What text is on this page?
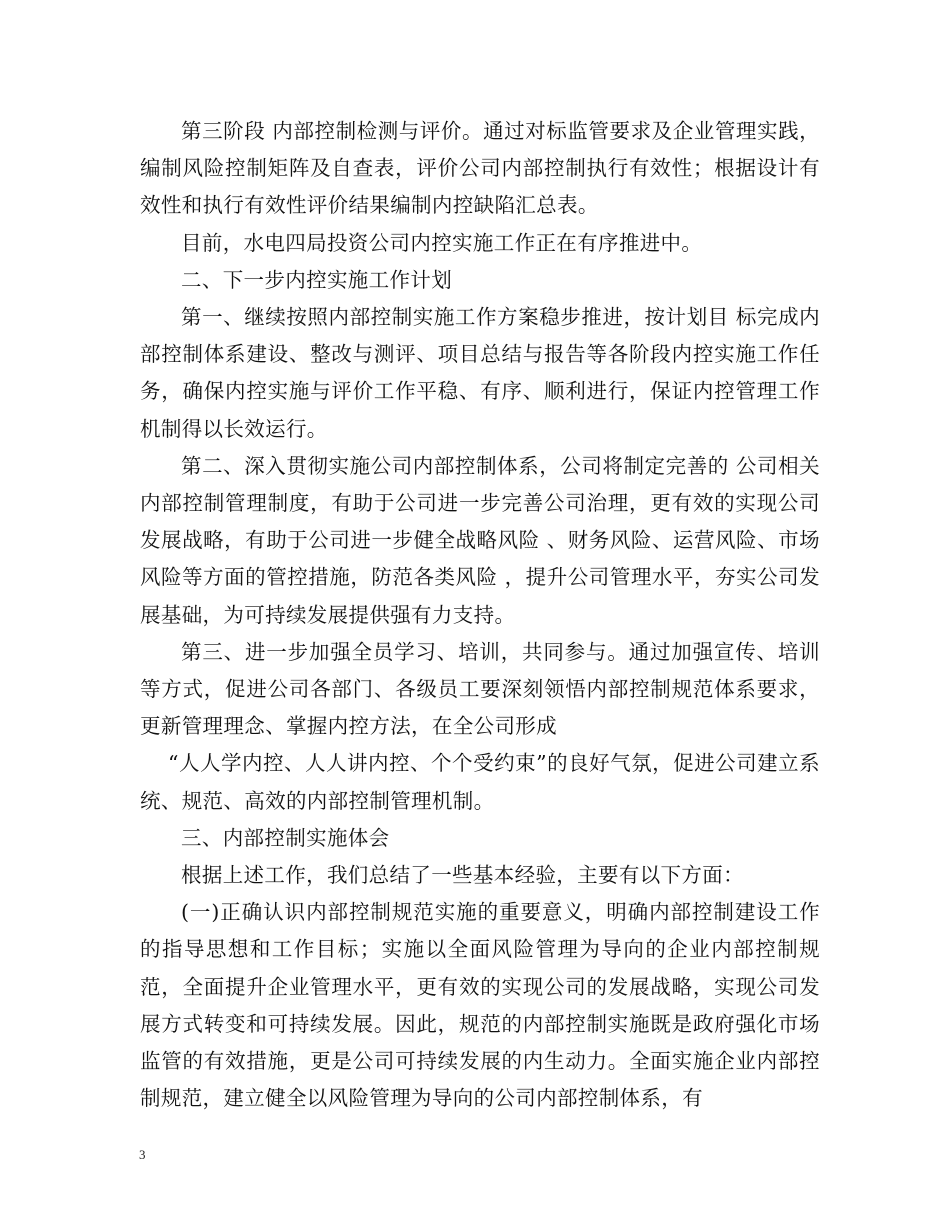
第三阶段 内部控制检测与评价。通过对标监管要求及企业管理实践，编制风险控制矩阵及自查表，评价公司内部控制执行有效性；根据设计有效性和执行有效性评价结果编制内控缺陷汇总表。

目前，水电四局投资公司内控实施工作正在有序推进中。

二、下一步内控实施工作计划

第一、继续按照内部控制实施工作方案稳步推进，按计划目 标完成内部控制体系建设、整改与测评、项目总结与报告等各阶段内控实施工作任务，确保内控实施与评价工作平稳、有序、顺利进行，保证内控管理工作机制得以长效运行。

第二、深入贯彻实施公司内部控制体系，公司将制定完善的 公司相关内部控制管理制度，有助于公司进一步完善公司治理，更有效的实现公司发展战略，有助于公司进一步健全战略风险 、财务风险、运营风险、市场风险等方面的管控措施，防范各类风险 ，提升公司管理水平，夯实公司发展基础，为可持续发展提供强有力支持。

第三、进一步加强全员学习、培训，共同参与。通过加强宣传、培训等方式，促进公司各部门、各级员工要深刻领悟内部控制规范体系要求，更新管理理念、掌握内控方法，在全公司形成

“人人学内控、人人讲内控、个个受约束”的良好气氛，促进公司建立系统、规范、高效的内部控制管理机制。

三、内部控制实施体会

根据上述工作，我们总结了一些基本经验，主要有以下方面：

(一)正确认识内部控制规范实施的重要意义，明确内部控制建设工作的指导思想和工作目标；实施以全面风险管理为导向的企业内部控制规范，全面提升企业管理水平，更有效的实现公司的发展战略，实现公司发展方式转变和可持续发展。因此，规范的内部控制实施既是政府强化市场监管的有效措施，更是公司可持续发展的内生动力。全面实施企业内部控制规范，建立健全以风险管理为导向的公司内部控制体系，有

3
